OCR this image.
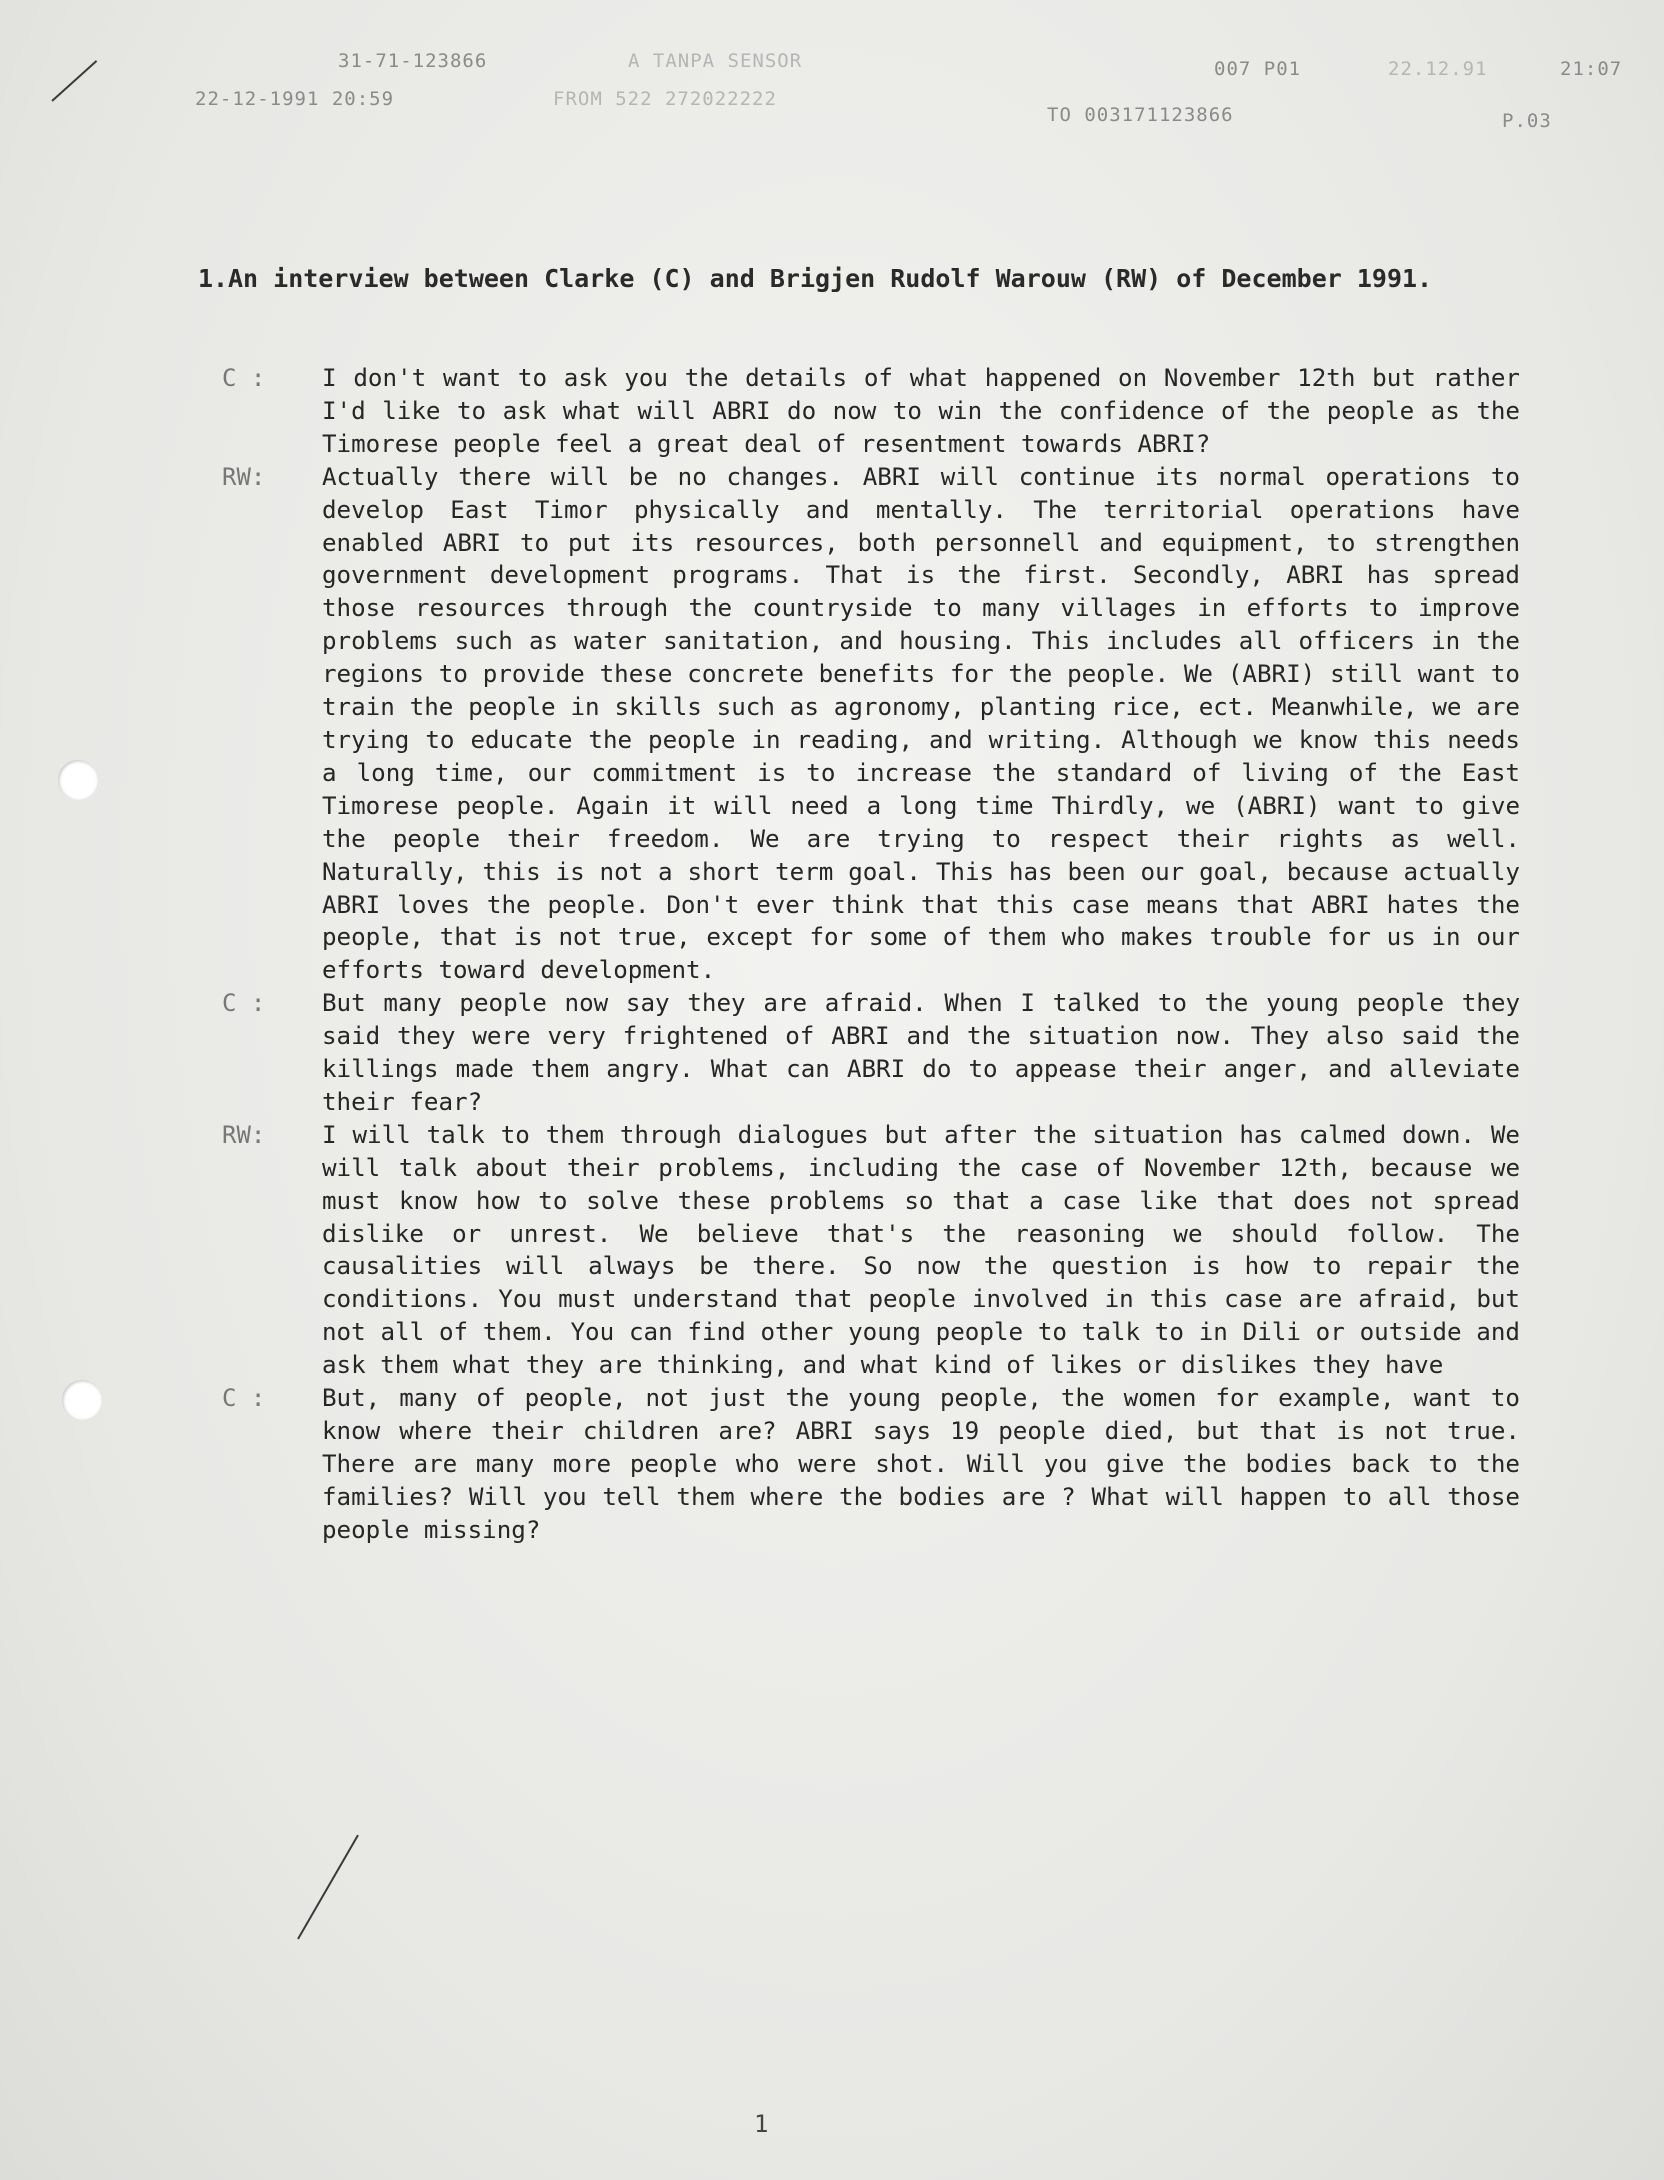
31-71-123866	A TANPA SENSOR
22-12-1991 20:59	FROM 522 272022222
007 P01	22.12.91	21:07
TO 003171123866	P.03
1. An interview between Clarke (C) and Brigjen Rudolf Warouw (RW) of December 1991.
C :	I don't want to ask you the details of what happened on November 12th but rather I'd like to ask what will ABRI do now to win the confidence of the people as the Timorese people feel a great deal of resentment towards ABRI?
RW:	Actually there will be no changes. ABRI will continue its normal operations to develop East Timor physically and mentally. The territorial operations have enabled ABRI to put its resources, both personnell and equipment, to strengthen government development programs. That is the first. Secondly, ABRI has spread those resources through the countryside to many villages in efforts to improve problems such as water sanitation, and housing. This includes all officers in the regions to provide these concrete benefits for the people. We (ABRI) still want to train the people in skills such as agronomy, planting rice, ect. Meanwhile, we are trying to educate the people in reading, and writing. Although we know this needs a long time, our commitment is to increase the standard of living of the East Timorese people. Again it will need a long time Thirdly, we (ABRI) want to give the people their freedom. We are trying to respect their rights as well. Naturally, this is not a short term goal. This has been our goal, because actually ABRI loves the people. Don't ever think that this case means that ABRI hates the people, that is not true, except for some of them who makes trouble for us in our efforts toward development.
C :	But many people now say they are afraid. When I talked to the young people they said they were very frightened of ABRI and the situation now. They also said the killings made them angry. What can ABRI do to appease their anger, and alleviate their fear?
RW:	I will talk to them through dialogues but after the situation has calmed down. We will talk about their problems, including the case of November 12th, because we must know how to solve these problems so that a case like that does not spread dislike or unrest. We believe that's the reasoning we should follow. The causalities will always be there. So now the question is how to repair the conditions. You must understand that people involved in this case are afraid, but not all of them. You can find other young people to talk to in Dili or outside and ask them what they are thinking, and what kind of likes or dislikes they have
C :	But, many of people, not just the young people, the women for example, want to know where their children are? ABRI says 19 people died, but that is not true. There are many more people who were shot. Will you give the bodies back to the families? Will you tell them where the bodies are ? What will happen to all those people missing?
1
